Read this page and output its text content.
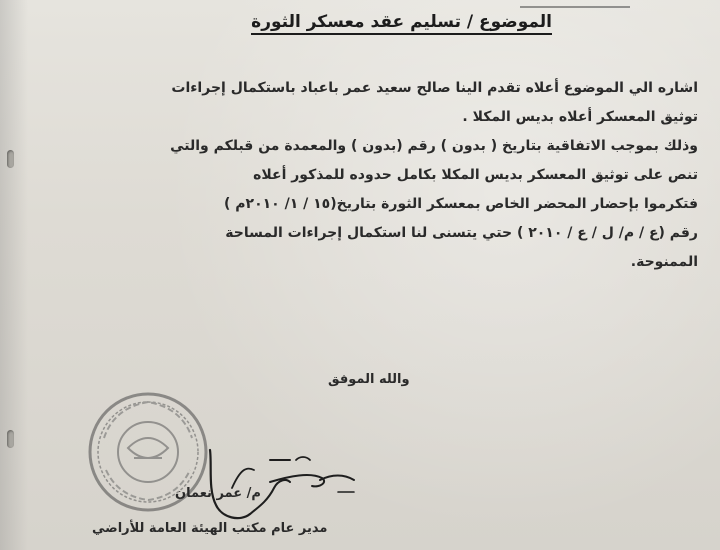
الموضوع / تسليم عقد معسكر الثورة
اشاره الي الموضوع أعلاه تقدم الينا صالح سعيد عمر باعباد باستكمال إجراءات
توثيق المعسكر أعلاه بديس المكلا .
وذلك بموجب الاتفاقية بتاريخ ( بدون ) رقم (بدون ) والمعمدة من قبلكم والتي
تنص على توثيق المعسكر بديس المكلا بكامل حدوده للمذكور أعلاه
فتكرموا بإحضار المحضر الخاص بمعسكر الثورة بتاريخ(١٥ / ١/ ٢٠١٠م )
رقم (ع / م/ ل / ع / ٢٠١٠ ) حتي يتسنى لنا استكمال إجراءات المساحة
الممنوحة.
والله الموفق
م/ عمر نعمان
مدير عام مكتب الهيئة العامة للأراضي
